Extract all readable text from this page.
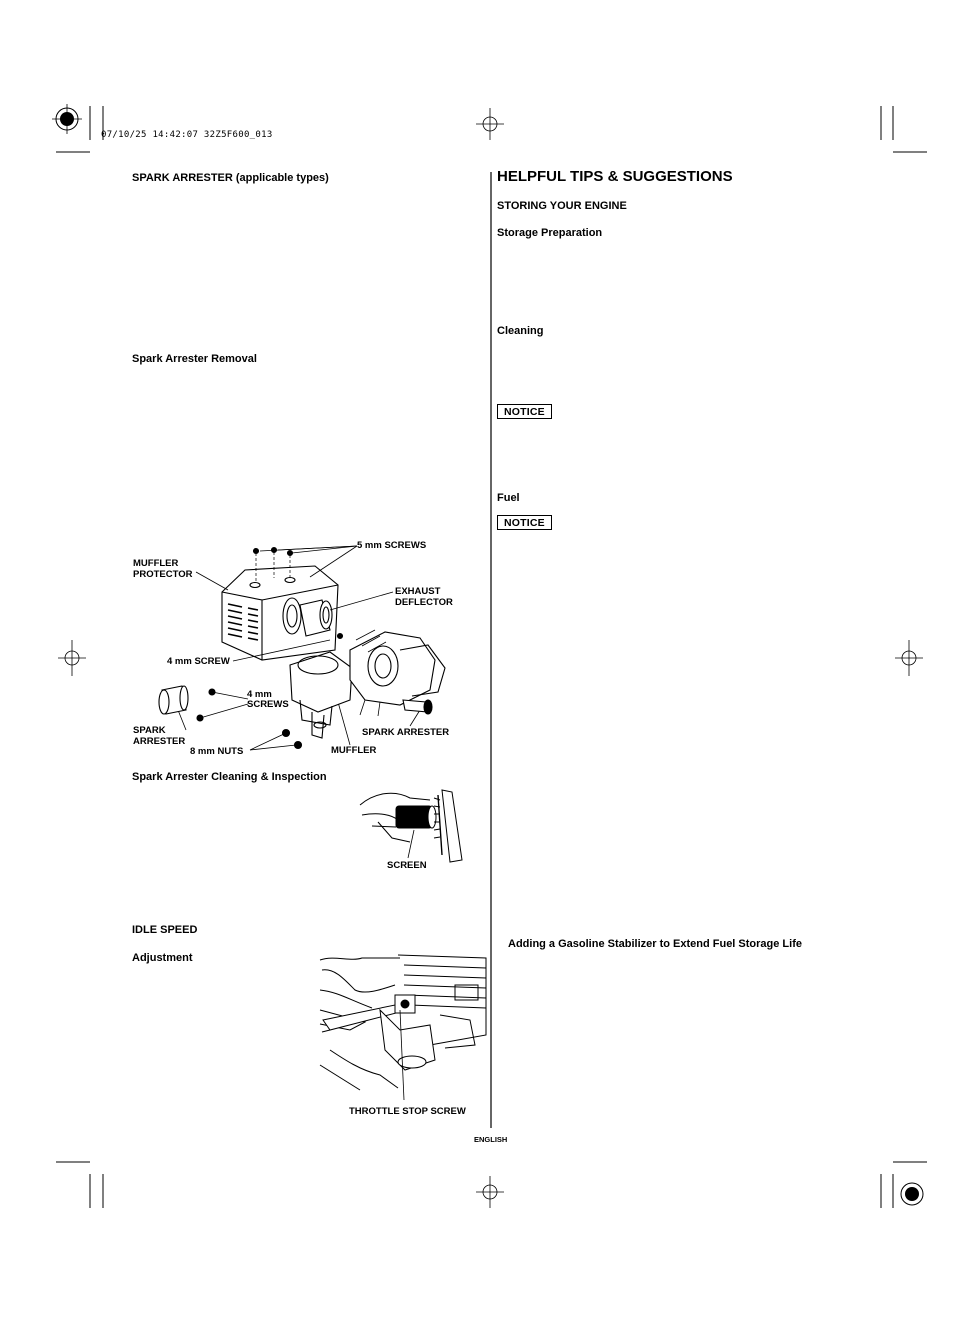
07/10/25 14:42:07 32Z5F600_013
SPARK ARRESTER (applicable types)
Spark Arrester Removal
5 mm SCREWS
MUFFLER
PROTECTOR
EXHAUST
DEFLECTOR
4 mm SCREW
4 mm
SCREWS
SPARK
ARRESTER
SPARK ARRESTER
8 mm NUTS	MUFFLER
Spark Arrester Cleaning & Inspection
SCREEN
IDLE SPEED
Adjustment
THROTTLE STOP SCREW
HELPFUL TIPS & SUGGESTIONS
STORING YOUR ENGINE
Storage Preparation
Cleaning
NOTICE
Fuel
NOTICE
Adding a Gasoline Stabilizer to Extend Fuel Storage Life
ENGLISH
